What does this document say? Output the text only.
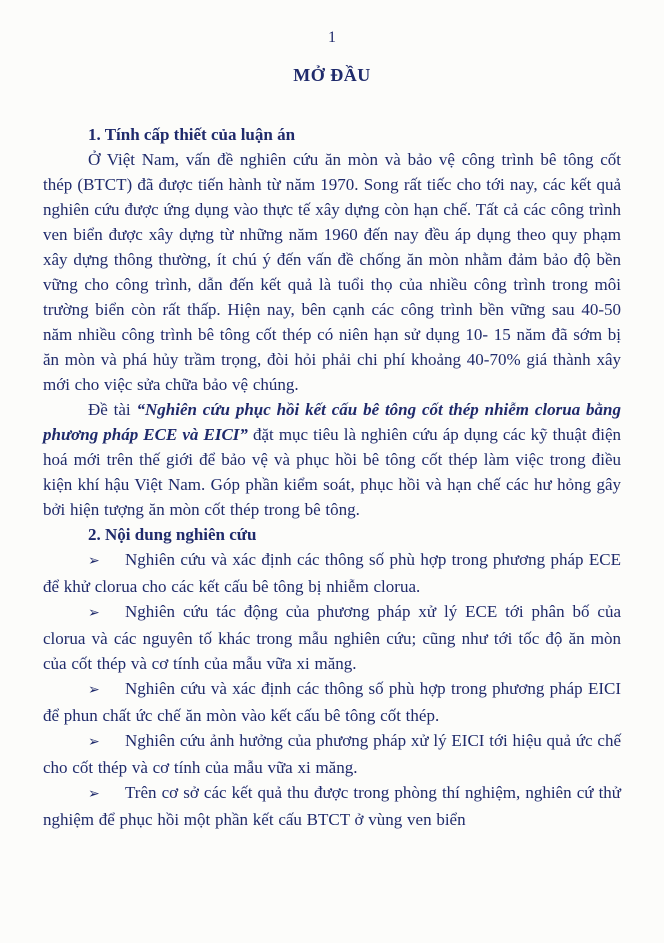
1

MỞ ĐẦU
1. Tính cấp thiết của luận án

Ở Việt Nam, vấn đề nghiên cứu ăn mòn và bảo vệ công trình bê tông cốt thép (BTCT) đã được tiến hành từ năm 1970. Song rất tiếc cho tới nay, các kết quả nghiên cứu được ứng dụng vào thực tế xây dựng còn hạn chế. Tất cả các công trình ven biển được xây dựng từ những năm 1960 đến nay đều áp dụng theo quy phạm xây dựng thông thường, ít chú ý đến vấn đề chống ăn mòn nhằm đảm bảo độ bền vững cho công trình, dẫn đến kết quả là tuổi thọ của nhiều công trình trong môi trường biển còn rất thấp. Hiện nay, bên cạnh các công trình bền vững sau 40-50 năm nhiều công trình bê tông cốt thép có niên hạn sử dụng 10- 15 năm đã sớm bị ăn mòn và phá hủy trầm trọng, đòi hỏi phải chi phí khoảng 40-70% giá thành xây mới cho việc sửa chữa bảo vệ chúng.

Đề tài “Nghiên cứu phục hồi kết cấu bê tông cốt thép nhiễm clorua bằng phương pháp ECE và EICI” đặt mục tiêu là nghiên cứu áp dụng các kỹ thuật điện hoá mới trên thế giới để bảo vệ và phục hồi bê tông cốt thép làm việc trong điều kiện khí hậu Việt Nam. Góp phần kiểm soát, phục hồi và hạn chế các hư hỏng gây bởi hiện tượng ăn mòn cốt thép trong bê tông.

2. Nội dung nghiên cứu

➢ Nghiên cứu và xác định các thông số phù hợp trong phương pháp ECE để khử clorua cho các kết cấu bê tông bị nhiễm clorua.

➢ Nghiên cứu tác động của phương pháp xử lý ECE tới phân bố của clorua và các nguyên tố khác trong mẫu nghiên cứu; cũng như tới tốc độ ăn mòn của cốt thép và cơ tính của mẫu vữa xi măng.

➢ Nghiên cứu và xác định các thông số phù hợp trong phương pháp EICI để phun chất ức chế ăn mòn vào kết cấu bê tông cốt thép.

➢ Nghiên cứu ảnh hưởng của phương pháp xử lý EICI tới hiệu quả ức chế cho cốt thép và cơ tính của mẫu vữa xi măng.

➢ Trên cơ sở các kết quả thu được trong phòng thí nghiệm, nghiên cứ thử nghiệm để phục hồi một phần kết cấu BTCT ở vùng ven biển
